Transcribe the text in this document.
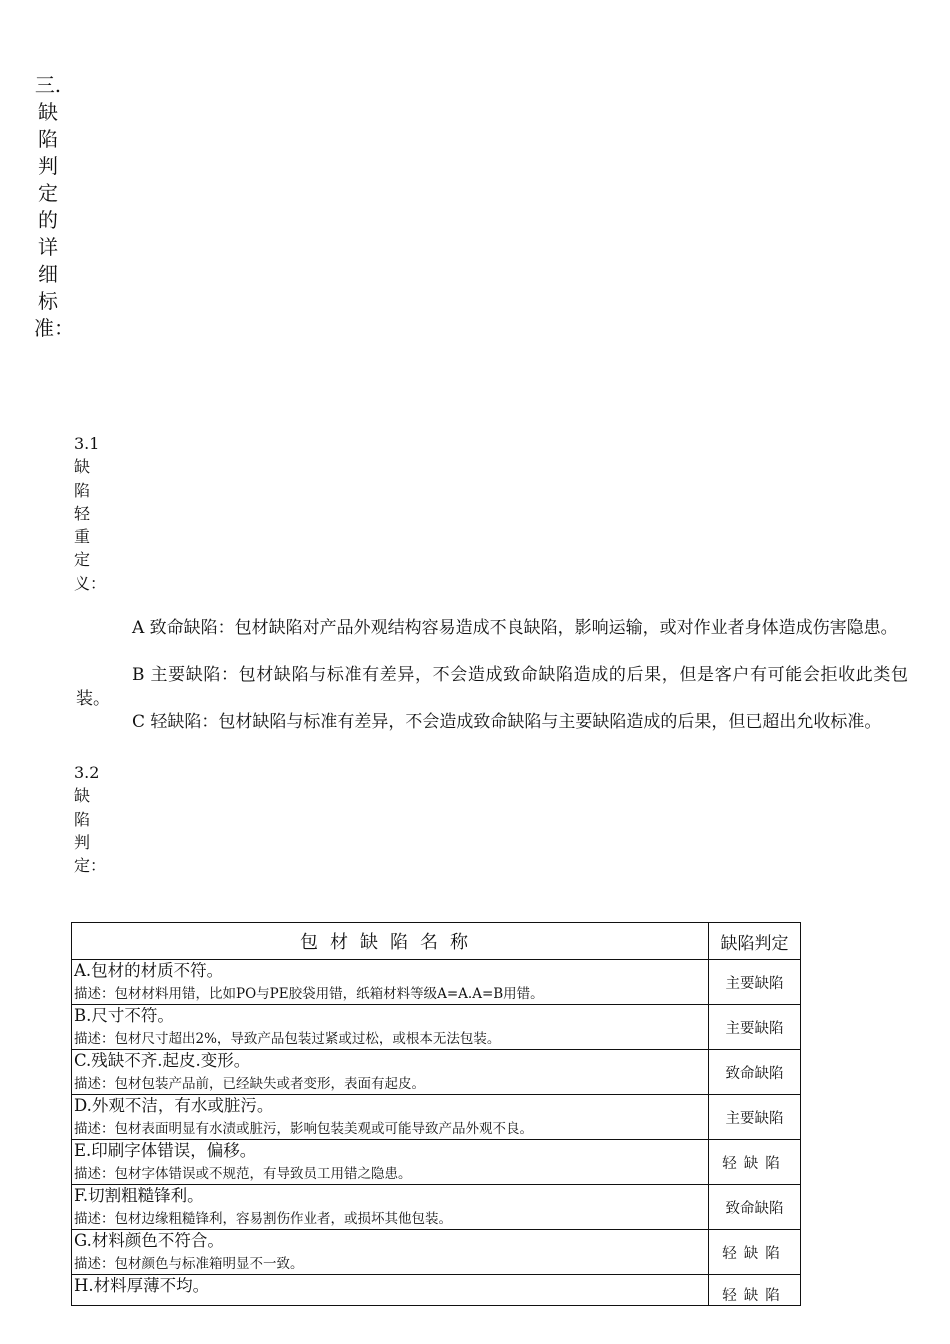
三.缺陷判定的详细标准：
3.1缺陷轻重定义：
A 致命缺陷：包材缺陷对产品外观结构容易造成不良缺陷，影响运输，或对作业者身体造成伤害隐患。
B 主要缺陷：包材缺陷与标准有差异，不会造成致命缺陷造成的后果，但是客户有可能会拒收此类包装。
C 轻缺陷：包材缺陷与标准有差异，不会造成致命缺陷与主要缺陷造成的后果，但已超出允收标准。
3.2缺陷判定：
包材缺陷名称	缺陷判定

A.包材的材质不符。
描述：包材材料用错，比如PO与PE胶袋用错，纸箱材料等级A=A.A=B用错。	主要缺陷

B.尺寸不符。
描述：包材尺寸超出2%，导致产品包装过紧或过松，或根本无法包装。	主要缺陷

C.残缺不齐.起皮.变形。
描述：包材包装产品前，已经缺失或者变形，表面有起皮。	致命缺陷

D.外观不洁，有水或脏污。
描述：包材表面明显有水渍或脏污，影响包装美观或可能导致产品外观不良。	主要缺陷

E.印刷字体错误，偏移。
描述：包材字体错误或不规范，有导致员工用错之隐患。	轻缺陷

F.切割粗糙锋利。
描述：包材边缘粗糙锋利，容易割伤作业者，或损坏其他包装。	致命缺陷

G.材料颜色不符合。
描述：包材颜色与标准箱明显不一致。	轻缺陷

H.材料厚薄不均。	轻缺陷
